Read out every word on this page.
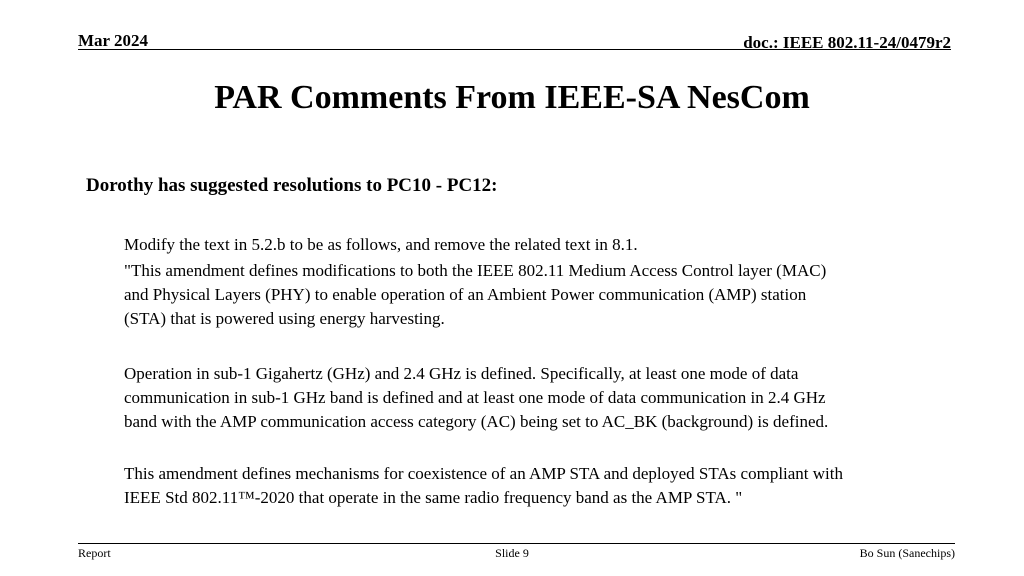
Mar 2024	doc.: IEEE 802.11-24/0479r2
PAR Comments From IEEE-SA NesCom
Dorothy has suggested resolutions to PC10 - PC12:
Modify the text in 5.2.b to be as follows, and remove the related text in 8.1.
"This amendment defines modifications to both the IEEE 802.11 Medium Access Control layer (MAC)
and Physical Layers (PHY) to enable operation of an Ambient Power communication (AMP) station
(STA) that is powered using energy harvesting.
Operation in sub-1 Gigahertz (GHz) and 2.4 GHz is defined. Specifically, at least one mode of data
communication in sub-1 GHz band is defined and at least one mode of data communication in 2.4 GHz
band with the AMP communication access category (AC) being set to AC_BK (background) is defined.
This amendment defines mechanisms for coexistence of an AMP STA and deployed STAs compliant with
IEEE Std 802.11™-2020 that operate in the same radio frequency band as the AMP STA. "
Report	Slide 9	Bo Sun (Sanechips)
